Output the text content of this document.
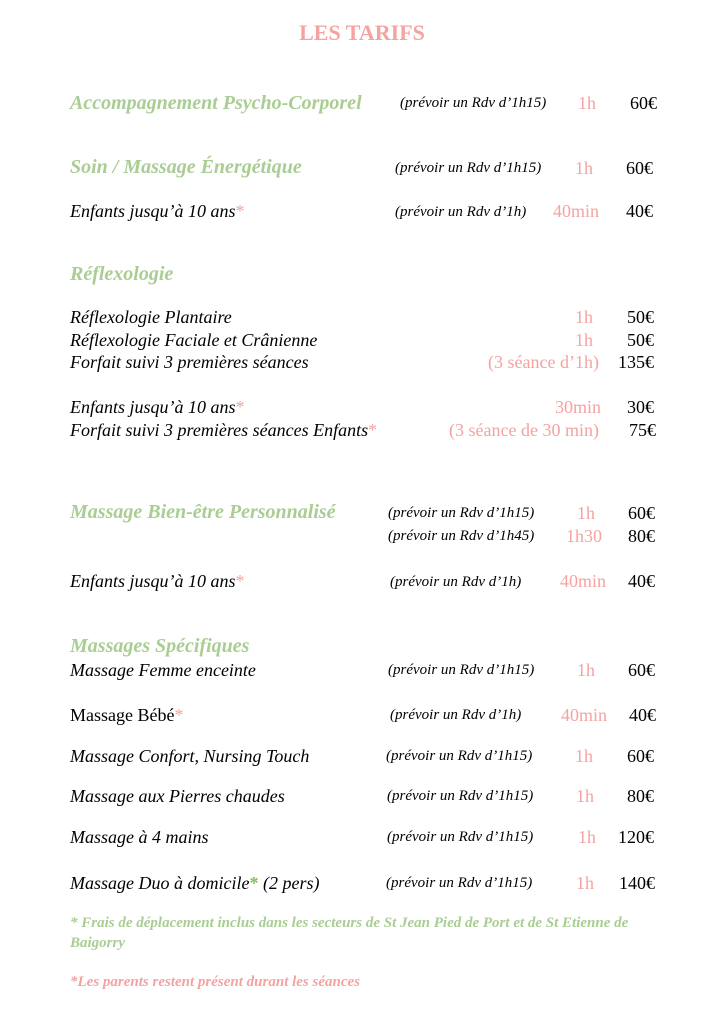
LES TARIFS
Accompagnement Psycho-Corporel	(prévoir un Rdv d’1h15) 1h	60€
Soin / Massage Énergétique	(prévoir un Rdv d’1h15) 1h	60€
Enfants jusqu’à 10 ans*	(prévoir un Rdv d’1h) 40min	40€
Réflexologie
Réflexologie Plantaire	1h	50€
Réflexologie Faciale et Crânienne	1h	50€
Forfait suivi 3 premières séances	(3 séance d’1h)	135€
Enfants jusqu’à 10 ans*	30min	30€
Forfait suivi 3 premières séances Enfants*	(3 séance de 30 min)	75€
Massage Bien-être Personnalisé	(prévoir un Rdv d’1h15) 1h	60€
(prévoir un Rdv d’1h45) 1h30	80€
Enfants jusqu’à 10 ans*	(prévoir un Rdv d’1h) 40min	40€
Massages Spécifiques
Massage Femme enceinte	(prévoir un Rdv d’1h15) 1h	60€
Massage Bébé*	(prévoir un Rdv d’1h) 40min	40€
Massage Confort, Nursing Touch	(prévoir un Rdv d’1h15) 1h	60€
Massage aux Pierres chaudes	(prévoir un Rdv d’1h15) 1h	80€
Massage à 4 mains	(prévoir un Rdv d’1h15) 1h	120€
Massage Duo à domicile* (2 pers)	(prévoir un Rdv d’1h15) 1h	140€
* Frais de déplacement inclus dans les secteurs de St Jean Pied de Port et de St Etienne de Baigorry
*Les parents restent présent durant les séances
